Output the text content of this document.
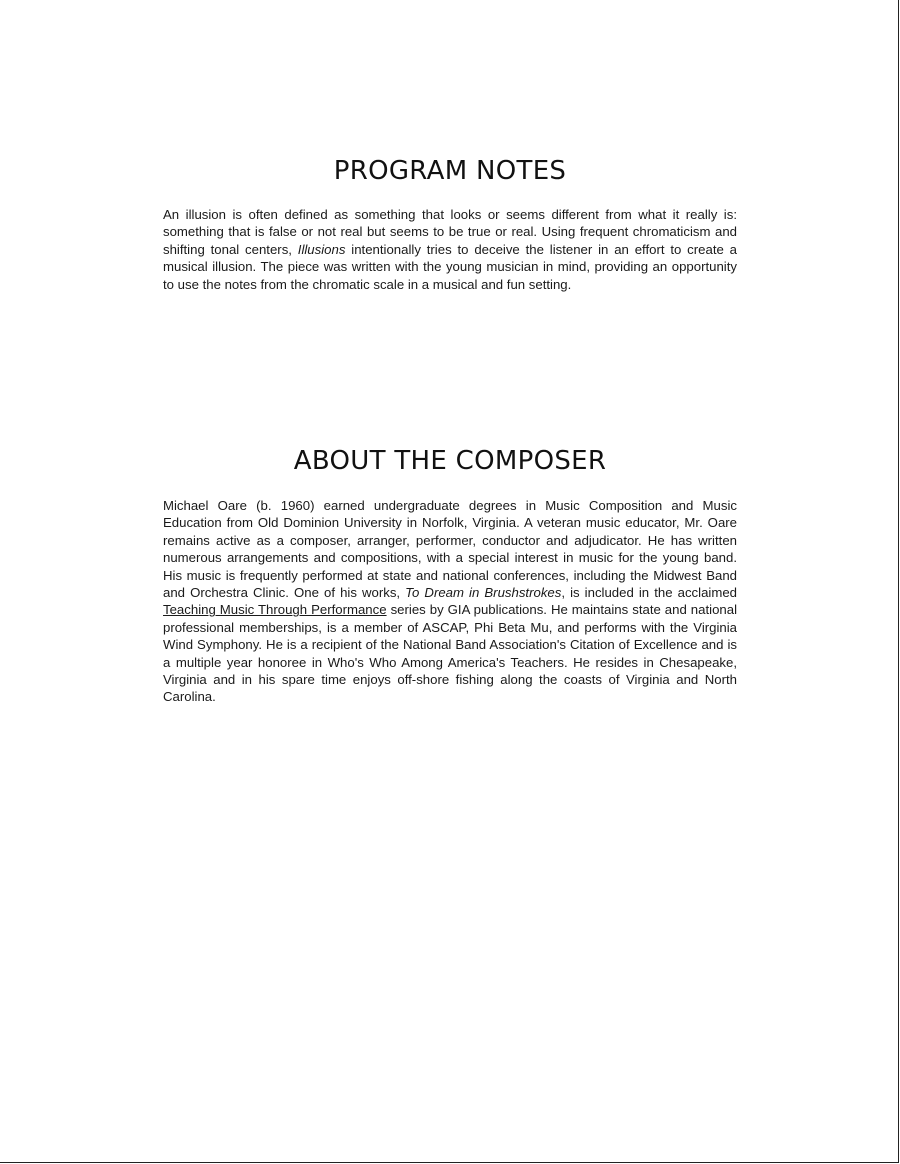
PROGRAM NOTES

An illusion is often defined as something that looks or seems different from what it really is: something that is false or not real but seems to be true or real. Using frequent chromaticism and shifting tonal centers, Illusions intentionally tries to deceive the listener in an effort to create a musical illusion. The piece was written with the young musician in mind, providing an opportunity to use the notes from the chromatic scale in a musical and fun setting.

ABOUT THE COMPOSER

Michael Oare (b. 1960) earned undergraduate degrees in Music Composition and Music Education from Old Dominion University in Norfolk, Virginia. A veteran music educator, Mr. Oare remains active as a composer, arranger, performer, conductor and adjudicator. He has written numerous arrangements and compositions, with a special interest in music for the young band. His music is frequently performed at state and national conferences, including the Midwest Band and Orchestra Clinic. One of his works, To Dream in Brushstrokes, is included in the acclaimed Teaching Music Through Performance series by GIA publications. He maintains state and national professional memberships, is a member of ASCAP, Phi Beta Mu, and performs with the Virginia Wind Symphony. He is a recipient of the National Band Association's Citation of Excellence and is a multiple year honoree in Who's Who Among America's Teachers. He resides in Chesapeake, Virginia and in his spare time enjoys off-shore fishing along the coasts of Virginia and North Carolina.
